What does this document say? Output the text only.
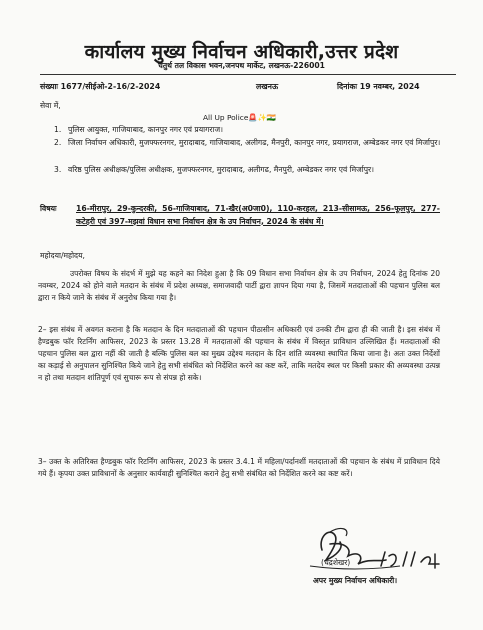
कार्यालय मुख्य निर्वाचन अधिकारी,उत्तर प्रदेश
चतुर्थ तल विकास भवन,जनपथ मार्केट, लखनऊ-226001
संख्याः 1677/सीईओ-2-16/2-2024	लखनऊ	दिनांकः 19 नवम्बर, 2024
सेवा में,
All Up Police🚨✨🇮🇳
1. पुलिस आयुक्त, गाजियाबाद, कानपुर नगर एवं प्रयागराज।
2. जिला निर्वाचन अधिकारी, मुजफ्फरनगर, मुरादाबाद, गाजियाबाद, अलीगढ, मैनपुरी, कानपुर नगर, प्रयागराज, अम्बेडकर नगर एवं मिर्जापुर।
3. वरिष्ठ पुलिस अधीक्षक/पुलिस अधीक्षक, मुजफ्फरनगर, मुरादाबाद, अलीगढ, मैनपुरी, अम्बेडकर नगर एवं मिर्जापुर।
विषयः	16-मीरापुर, 29-कुन्दरकी, 56-गाजियाबाद, 71-खैर(अ0जा0), 110-करहल, 213-सीसामऊ, 256-फूलपुर, 277-कटेहरी एवं 397-मझवां विधान सभा निर्वाचन क्षेत्र के उप निर्वाचन, 2024 के संबंध में।
महोदया/महोदय,
उपरोक्त विषय के संदर्भ में मुझे यह कहने का निदेश हुआ है कि 09 विधान सभा निर्वाचन क्षेत्र के उप निर्वाचन, 2024 हेतु दिनांक 20 नवम्बर, 2024 को होने वाले मतदान के संबंध में प्रदेश अध्यक्ष, समाजवादी पार्टी द्वारा ज्ञापन दिया गया है, जिसमें मतदाताओं की पहचान पुलिस बल द्वारा न किये जाने के संबंध में अनुरोध किया गया है।
2– इस संबंध में अवगत कराना है कि मतदान के दिन मतदाताओं की पहचान पीठासीन अधिकारी एवं उनकी टीम द्वारा ही की जाती है। इस संबंध में हैण्डबुक फॉर रिटर्निंग आफिसर, 2023 के प्रस्तर 13.28 में मतदाताओं की पहचान के संबंध में विस्तृत प्राविधान उल्लिखित हैं। मतदाताओं की पहचान पुलिस बल द्वारा नहीं की जाती है बल्कि पुलिस बल का मुख्य उद्देश्य मतदान के दिन शांति व्यवस्था स्थापित किया जाना है। अतः उक्त निर्देशों का कड़ाई से अनुपालन सुनिश्चित किये जाने हेतु सभी संबंधित को निर्देशित करने का कष्ट करें, ताकि मतदेय स्थल पर किसी प्रकार की अव्यवस्था उत्पन्न न हो तथा मतदान शांतिपूर्ण एवं सुचारू रूप से संपन्न हो सके।
3– उक्त के अतिरिक्त हैण्डबुक फॉर रिटर्निंग आफिसर, 2023 के प्रस्तर 3.4.1 में महिला/पर्दानशीं मतदाताओं की पहचान के संबंध में प्राविधान दिये गये हैं। कृपया उक्त प्राविधानों के अनुसार कार्यवाही सुनिश्चित कराने हेतु सभी संबंधित को निर्देशित करने का कष्ट करें।
(चंद्रशेखर)
अपर मुख्य निर्वाचन अधिकारी।
